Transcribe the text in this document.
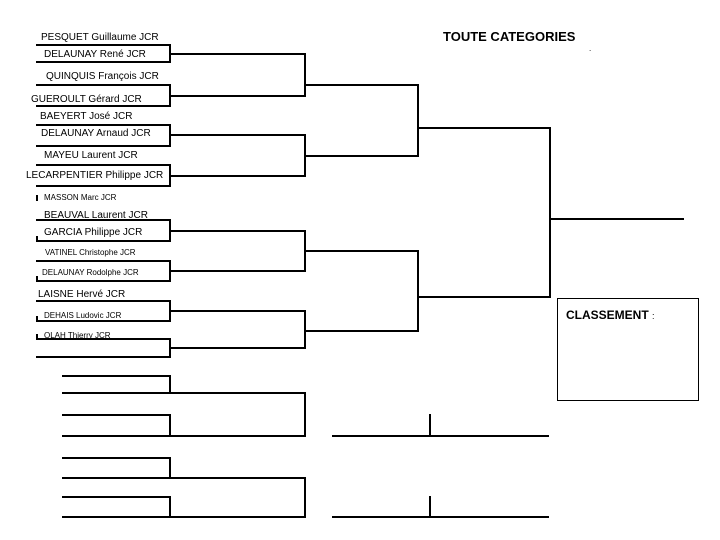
TOUTE CATEGORIES
.
PESQUET Guillaume JCR
DELAUNAY René JCR
QUINQUIS François JCR
GUEROULT Gérard JCR
BAEYERT José JCR
DELAUNAY Arnaud JCR
MAYEU Laurent JCR
LECARPENTIER Philippe JCR
MASSON Marc JCR
BEAUVAL Laurent JCR
GARCIA Philippe JCR
VATINEL Christophe JCR
DELAUNAY Rodolphe JCR
LAISNE Hervé JCR
DEHAIS Ludovic JCR
OLAH Thierry JCR
CLASSEMENT :
